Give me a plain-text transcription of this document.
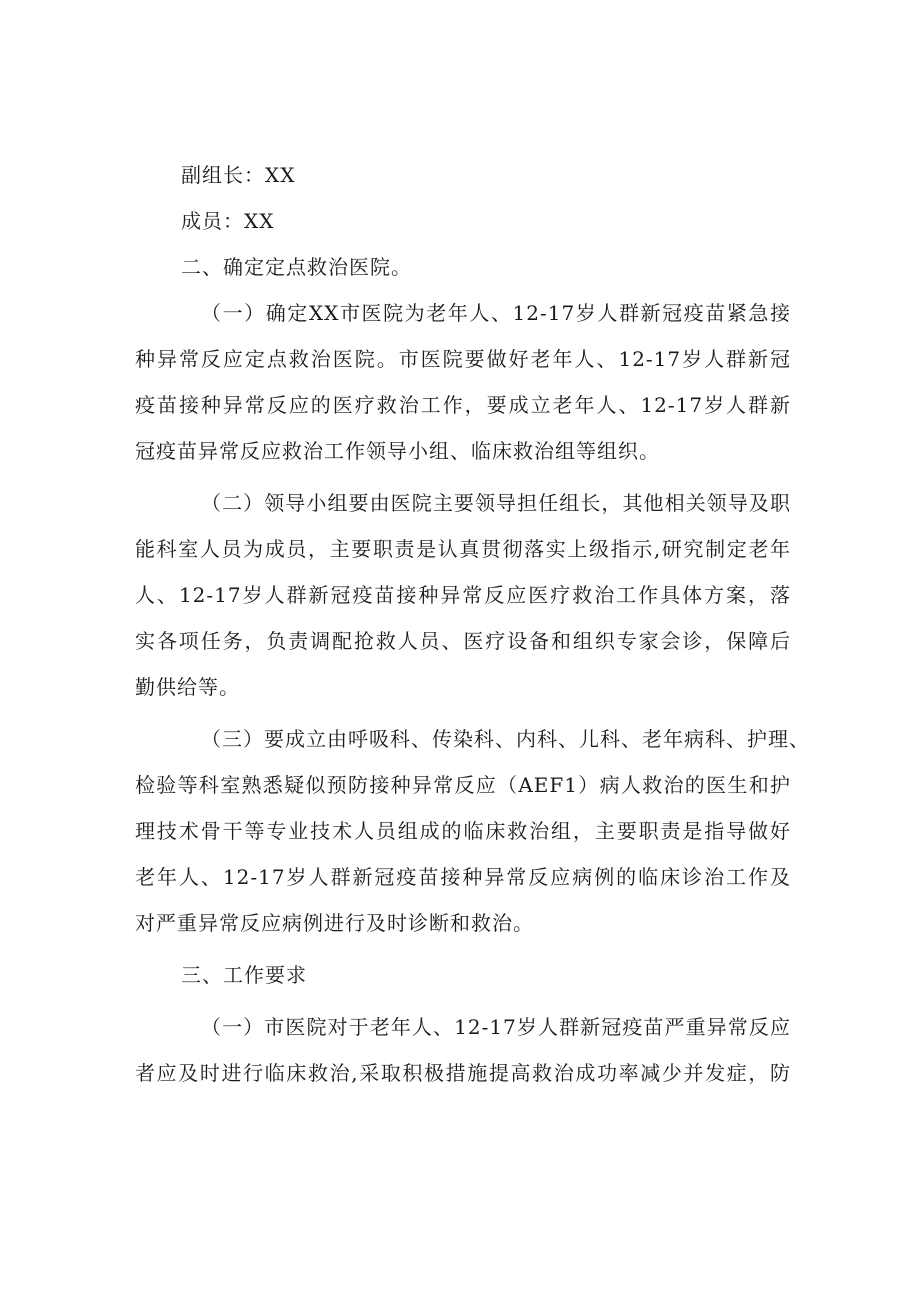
副组长：XX
成员：XX
二、确定定点救治医院。
（一）确定XX市医院为老年人、12-17岁人群新冠疫苗紧急接
种异常反应定点救治医院。市医院要做好老年人、12-17岁人群新冠
疫苗接种异常反应的医疗救治工作，要成立老年人、12-17岁人群新
冠疫苗异常反应救治工作领导小组、临床救治组等组织。
（二）领导小组要由医院主要领导担任组长，其他相关领导及职
能科室人员为成员，主要职责是认真贯彻落实上级指示,研究制定老年
人、12-17岁人群新冠疫苗接种异常反应医疗救治工作具体方案，落
实各项任务，负责调配抢救人员、医疗设备和组织专家会诊，保障后
勤供给等。
（三）要成立由呼吸科、传染科、内科、儿科、老年病科、护理、
检验等科室熟悉疑似预防接种异常反应（AEF1）病人救治的医生和护
理技术骨干等专业技术人员组成的临床救治组，主要职责是指导做好
老年人、12-17岁人群新冠疫苗接种异常反应病例的临床诊治工作及
对严重异常反应病例进行及时诊断和救治。
三、工作要求
（一）市医院对于老年人、12-17岁人群新冠疫苗严重异常反应
者应及时进行临床救治,采取积极措施提高救治成功率减少并发症，防
